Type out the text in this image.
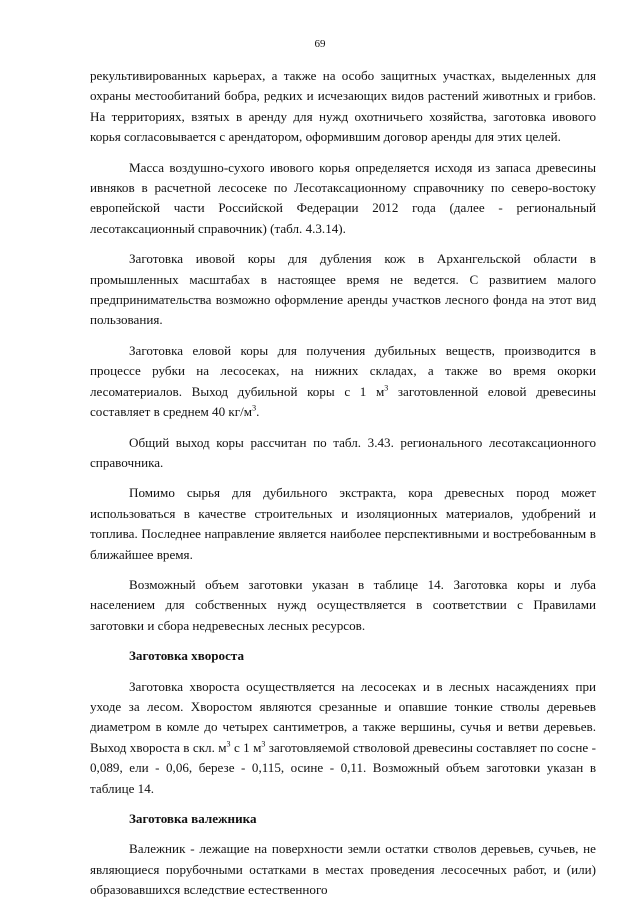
69

рекультивированных карьерах, а также на особо защитных участках, выделенных для охраны местообитаний бобра, редких и исчезающих видов растений животных и грибов. На территориях, взятых в аренду для нужд охотничьего хозяйства, заготовка ивового корья согласовывается с арендатором, оформившим договор аренды для этих целей.

Масса воздушно-сухого ивового корья определяется исходя из запаса древесины ивняков в расчетной лесосеке по Лесотаксационному справочнику по северо-востоку европейской части Российской Федерации 2012 года (далее - региональный лесотаксационный справочник) (табл. 4.3.14).

Заготовка ивовой коры для дубления кож в Архангельской области в промышленных масштабах в настоящее время не ведется. С развитием малого предпринимательства возможно оформление аренды участков лесного фонда на этот вид пользования.

Заготовка еловой коры для получения дубильных веществ, производится в процессе рубки на лесосеках, на нижних складах, а также во время окорки лесоматериалов. Выход дубильной коры с 1 $м^3$ заготовленной еловой древесины составляет в среднем 40 $кг/м^3$.

Общий выход коры рассчитан по табл. 3.43. регионального лесотаксационного справочника.

Помимо сырья для дубильного экстракта, кора древесных пород может использоваться в качестве строительных и изоляционных материалов, удобрений и топлива. Последнее направление является наиболее перспективными и востребованным в ближайшее время.

Возможный объем заготовки указан в таблице 14. Заготовка коры и луба населением для собственных нужд осуществляется в соответствии с Правилами заготовки и сбора недревесных лесных ресурсов.

Заготовка хвороста

Заготовка хвороста осуществляется на лесосеках и в лесных насаждениях при уходе за лесом. Хворостом являются срезанные и опавшие тонкие стволы деревьев диаметром в комле до четырех сантиметров, а также вершины, сучья и ветви деревьев. Выход хвороста в скл. $м^3$ с 1 $м^3$ заготовляемой стволовой древесины составляет по сосне - 0,089, ели - 0,06, березе - 0,115, осине - 0,11. Возможный объем заготовки указан в таблице 14.

Заготовка валежника

Валежник - лежащие на поверхности земли остатки стволов деревьев, сучьев, не являющиеся порубочными остатками в местах проведения лесосечных работ, и (или) образовавшихся вследствие естественного
